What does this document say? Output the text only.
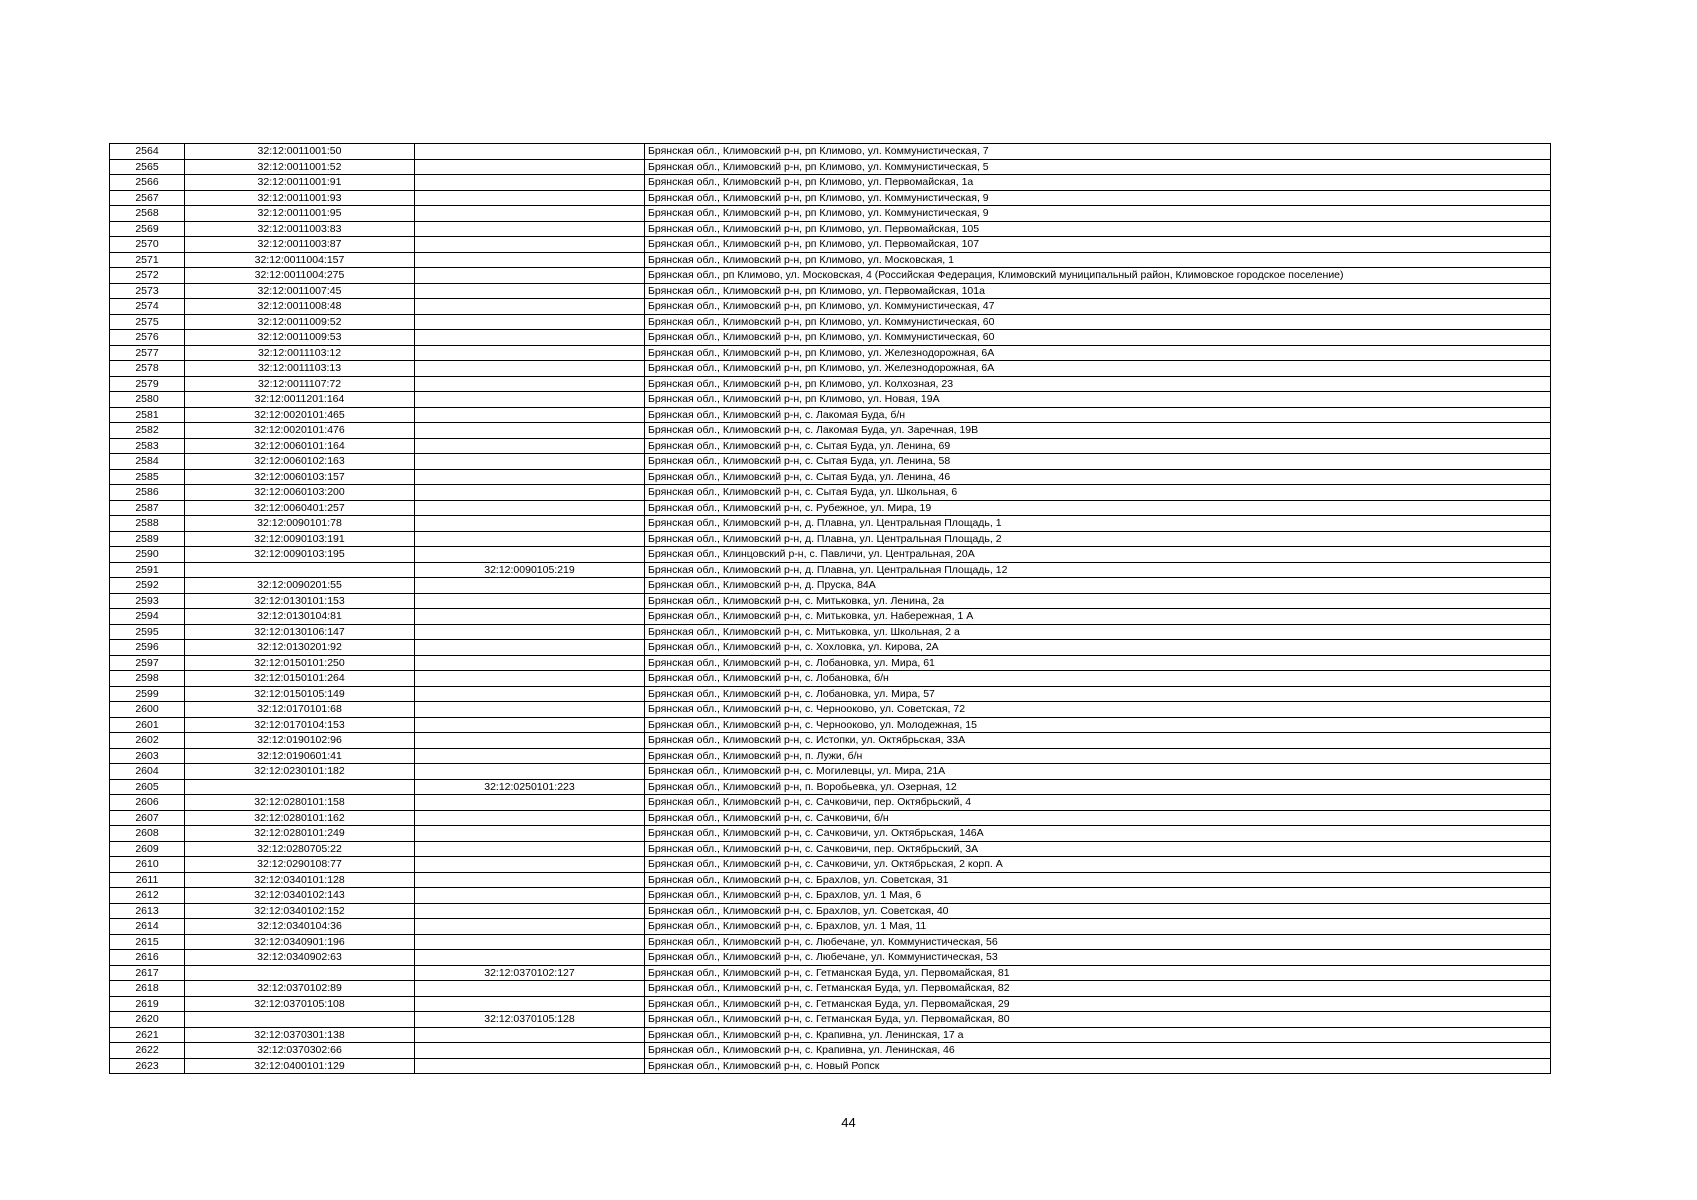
2564	32:12:0011001:50		Брянская обл., Климовский р-н, рп Климово, ул. Коммунистическая, 7
2565	32:12:0011001:52		Брянская обл., Климовский р-н, рп Климово, ул. Коммунистическая, 5
2566	32:12:0011001:91		Брянская обл., Климовский р-н, рп Климово, ул. Первомайская, 1а
2567	32:12:0011001:93		Брянская обл., Климовский р-н, рп Климово, ул. Коммунистическая, 9
2568	32:12:0011001:95		Брянская обл., Климовский р-н, рп Климово, ул. Коммунистическая, 9
2569	32:12:0011003:83		Брянская обл., Климовский р-н, рп Климово, ул. Первомайская, 105
2570	32:12:0011003:87		Брянская обл., Климовский р-н, рп Климово, ул. Первомайская, 107
2571	32:12:0011004:157		Брянская обл., Климовский р-н, рп Климово, ул. Московская, 1
2572	32:12:0011004:275		Брянская обл., рп Климово, ул. Московская, 4 (Российская Федерация, Климовский муниципальный район, Климовское городское поселение)
2573	32:12:0011007:45		Брянская обл., Климовский р-н, рп Климово, ул. Первомайская, 101а
2574	32:12:0011008:48		Брянская обл., Климовский р-н, рп Климово, ул. Коммунистическая, 47
2575	32:12:0011009:52		Брянская обл., Климовский р-н, рп Климово, ул. Коммунистическая, 60
2576	32:12:0011009:53		Брянская обл., Климовский р-н, рп Климово, ул. Коммунистическая, 60
2577	32:12:0011103:12		Брянская обл., Климовский р-н, рп Климово, ул. Железнодорожная, 6А
2578	32:12:0011103:13		Брянская обл., Климовский р-н, рп Климово, ул. Железнодорожная, 6А
2579	32:12:0011107:72		Брянская обл., Климовский р-н, рп Климово, ул. Колхозная, 23
2580	32:12:0011201:164		Брянская обл., Климовский р-н, рп Климово, ул. Новая, 19А
2581	32:12:0020101:465		Брянская обл., Климовский р-н, с. Лакомая Буда, б/н
2582	32:12:0020101:476		Брянская обл., Климовский р-н, с. Лакомая Буда, ул. Заречная, 19В
2583	32:12:0060101:164		Брянская обл., Климовский р-н, с. Сытая Буда, ул. Ленина, 69
2584	32:12:0060102:163		Брянская обл., Климовский р-н, с. Сытая Буда, ул. Ленина, 58
2585	32:12:0060103:157		Брянская обл., Климовский р-н, с. Сытая Буда, ул. Ленина, 46
2586	32:12:0060103:200		Брянская обл., Климовский р-н, с. Сытая Буда, ул. Школьная, 6
2587	32:12:0060401:257		Брянская обл., Климовский р-н, с. Рубежное, ул. Мира, 19
2588	32:12:0090101:78		Брянская обл., Климовский р-н, д. Плавна, ул. Центральная Площадь, 1
2589	32:12:0090103:191		Брянская обл., Климовский р-н, д. Плавна, ул. Центральная Площадь, 2
2590	32:12:0090103:195		Брянская обл., Клинцовский р-н, с. Павличи, ул. Центральная, 20А
2591		32:12:0090105:219	Брянская обл., Климовский р-н, д. Плавна, ул. Центральная Площадь, 12
2592	32:12:0090201:55		Брянская обл., Климовский р-н, д. Пруска, 84А
2593	32:12:0130101:153		Брянская обл., Климовский р-н, с. Митьковка, ул. Ленина, 2а
2594	32:12:0130104:81		Брянская обл., Климовский р-н, с. Митьковка, ул. Набережная, 1 А
2595	32:12:0130106:147		Брянская обл., Климовский р-н, с. Митьковка, ул. Школьная, 2 а
2596	32:12:0130201:92		Брянская обл., Климовский р-н, с. Хохловка, ул. Кирова, 2А
2597	32:12:0150101:250		Брянская обл., Климовский р-н, с. Лобановка, ул. Мира, 61
2598	32:12:0150101:264		Брянская обл., Климовский р-н, с. Лобановка, б/н
2599	32:12:0150105:149		Брянская обл., Климовский р-н, с. Лобановка, ул. Мира, 57
2600	32:12:0170101:68		Брянская обл., Климовский р-н, с. Чернооково, ул. Советская, 72
2601	32:12:0170104:153		Брянская обл., Климовский р-н, с. Чернооково, ул. Молодежная, 15
2602	32:12:0190102:96		Брянская обл., Климовский р-н, с. Истопки, ул. Октябрьская, 33А
2603	32:12:0190601:41		Брянская обл., Климовский р-н, п. Лужи, б/н
2604	32:12:0230101:182		Брянская обл., Климовский р-н, с. Могилевцы, ул. Мира, 21А
2605		32:12:0250101:223	Брянская обл., Климовский р-н, п. Воробьевка, ул. Озерная, 12
2606	32:12:0280101:158		Брянская обл., Климовский р-н, с. Сачковичи, пер. Октябрьский, 4
2607	32:12:0280101:162		Брянская обл., Климовский р-н, с. Сачковичи, б/н
2608	32:12:0280101:249		Брянская обл., Климовский р-н, с. Сачковичи, ул. Октябрьская, 146А
2609	32:12:0280705:22		Брянская обл., Климовский р-н, с. Сачковичи, пер. Октябрьский, 3А
2610	32:12:0290108:77		Брянская обл., Климовский р-н, с. Сачковичи, ул. Октябрьская, 2 корп. А
2611	32:12:0340101:128		Брянская обл., Климовский р-н, с. Брахлов, ул. Советская, 31
2612	32:12:0340102:143		Брянская обл., Климовский р-н, с. Брахлов, ул. 1 Мая, 6
2613	32:12:0340102:152		Брянская обл., Климовский р-н, с. Брахлов, ул. Советская, 40
2614	32:12:0340104:36		Брянская обл., Климовский р-н, с. Брахлов, ул. 1 Мая, 11
2615	32:12:0340901:196		Брянская обл., Климовский р-н, с. Любечане, ул. Коммунистическая, 56
2616	32:12:0340902:63		Брянская обл., Климовский р-н, с. Любечане, ул. Коммунистическая, 53
2617		32:12:0370102:127	Брянская обл., Климовский р-н, с. Гетманская Буда, ул. Первомайская, 81
2618	32:12:0370102:89		Брянская обл., Климовский р-н, с. Гетманская Буда, ул. Первомайская, 82
2619	32:12:0370105:108		Брянская обл., Климовский р-н, с. Гетманская Буда, ул. Первомайская, 29
2620		32:12:0370105:128	Брянская обл., Климовский р-н, с. Гетманская Буда, ул. Первомайская, 80
2621	32:12:0370301:138		Брянская обл., Климовский р-н, с. Крапивна, ул. Ленинская, 17 а
2622	32:12:0370302:66		Брянская обл., Климовский р-н, с. Крапивна, ул. Ленинская, 46
2623	32:12:0400101:129		Брянская обл., Климовский р-н, с. Новый Ропск
44
